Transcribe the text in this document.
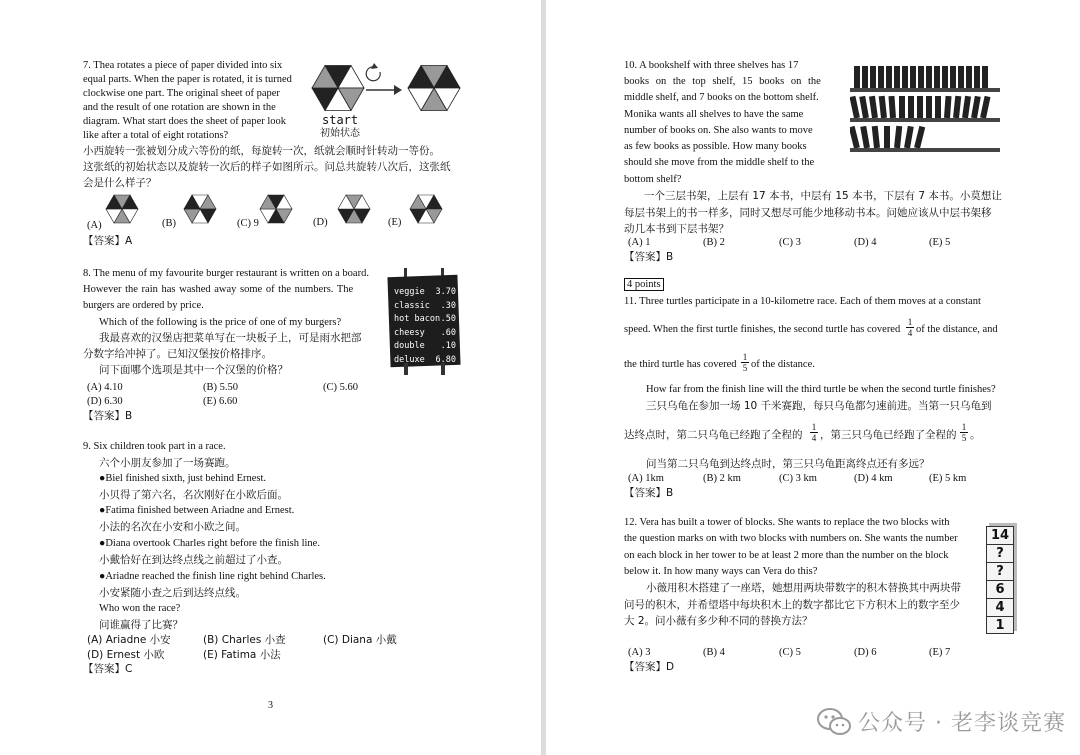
7. Thea rotates a piece of paper divided into six
equal parts. When the paper is rotated, it is turned
clockwise one part. The original sheet of paper
and the result of one rotation are shown in the
diagram. What start does the sheet of paper look
like after a total of eight rotations?
start
初始状态
小西旋转一张被划分成六等份的纸，每旋转一次，纸就会顺时针转动一等份。
这张纸的初始状态以及旋转一次后的样子如图所示。问总共旋转八次后，这张纸
会是什么样子？
(A)	(B)	(C) 9	(D)	(E)
【答案】A
8. The menu of my favourite burger restaurant is written on a board.
However the rain has washed away some of the numbers. The
burgers are ordered by price.
Which of the following is the price of one of my burgers?
我最喜欢的汉堡店把菜单写在一块板子上，可是雨水把部
分数字给冲掉了。已知汉堡按价格排序。
问下面哪个选项是其中一个汉堡的价格？
veggie 3.70
classic .30
hot bacon .50
cheesy .60
double .10
deluxe 6.80
(A) 4.10	(B) 5.50	(C) 5.60
(D) 6.30	(E) 6.60
【答案】B
9. Six children took part in a race.
六个小朋友参加了一场赛跑。
●Biel finished sixth, just behind Ernest.
小贝得了第六名，名次刚好在小欧后面。
●Fatima finished between Ariadne and Ernest.
小法的名次在小安和小欧之间。
●Diana overtook Charles right before the finish line.
小戴恰好在到达终点线之前超过了小查。
●Ariadne reached the finish line right behind Charles.
小安紧随小查之后到达终点线。
Who won the race?
问谁赢得了比赛？
(A) Ariadne 小安	(B) Charles 小查	(C) Diana 小戴
(D) Ernest 小欧	(E) Fatima 小法
【答案】C
3
10. A bookshelf with three shelves has 17
books on the top shelf, 15 books on the
middle shelf, and 7 books on the bottom shelf.
Monika wants all shelves to have the same
number of books on. She also wants to move
as few books as possible. How many books
should she move from the middle shelf to the
bottom shelf?
一个三层书架，上层有 17 本书，中层有 15 本书，下层有 7 本书。小莫想让
每层书架上的书一样多，同时又想尽可能少地移动书本。问她应该从中层书架移
动几本书到下层书架？
(A) 1	(B) 2	(C) 3	(D) 4	(E) 5
【答案】B
4 points
11. Three turtles participate in a 10-kilometre race. Each of them moves at a constant
speed. When the first turtle finishes, the second turtle has covered $\frac{1}{4}$ of the distance, and
the third turtle has covered $\frac{1}{5}$ of the distance.
How far from the finish line will the third turtle be when the second turtle finishes?
三只乌龟在参加一场 10 千米赛跑，每只乌龟都匀速前进。当第一只乌龟到
达终点时，第二只乌龟已经跑了全程的 $\frac{1}{4}$ ，第三只乌龟已经跑了全程的 $\frac{1}{5}$ 。
问当第二只乌龟到达终点时，第三只乌龟距离终点还有多远？
(A) 1km	(B) 2 km	(C) 3 km	(D) 4 km	(E) 5 km
【答案】B
12. Vera has built a tower of blocks. She wants to replace the two blocks with
the question marks on with two blocks with numbers on. She wants the number
on each block in her tower to be at least 2 more than the number on the block
below it. In how many ways can Vera do this?
小薇用积木搭建了一座塔，她想用两块带数字的积木替换其中两块带
问号的积木，并希望塔中每块积木上的数字都比它下方积木上的数字至少
大 2。问小薇有多少种不同的替换方法？
14
?
?
6
4
1
(A) 3	(B) 4	(C) 5	(D) 6	(E) 7
【答案】D
公众号 · 老李谈竞赛
